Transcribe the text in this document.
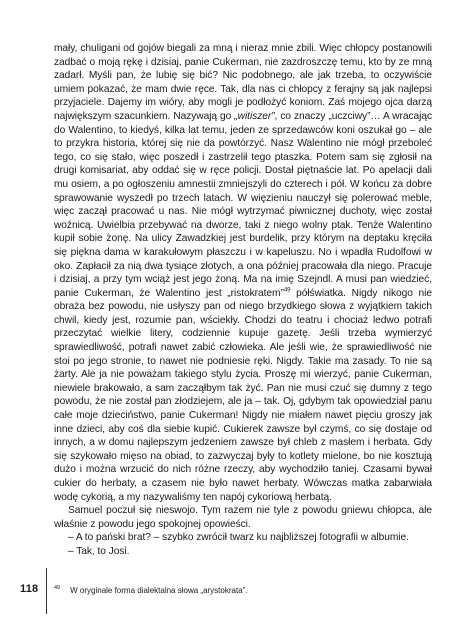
mały, chuligani od gojów biegali za mną i nieraz mnie zbili. Więc chłopcy postanowili zadbać o moją rękę i dzisiaj, panie Cukerman, nie zazdroszczę temu, kto by ze mną zadarł. Myśli pan, że lubię się bić? Nic podobnego, ale jak trzeba, to oczywiście umiem pokazać, że mam dwie ręce. Tak, dla nas ci chłopcy z ferajny są jak najlepsi przyjaciele. Dajemy im wióry, aby mogli je podłożyć koniom. Zaś mojego ojca darzą największym szacunkiem. Nazywają go „witiszer”, co znaczy „uczciwy”… A wracając do Walentino, to kiedyś, kilka lat temu, jeden ze sprzedawców koni oszukał go – ale to przykra historia, której się nie da powtórzyć. Nasz Walentino nie mógł przeboleć tego, co się stało, więc poszedł i zastrzelił tego ptaszka. Potem sam się zgłosił na drugi komisariat, aby oddać się w ręce policji. Dostał piętnaście lat. Po apelacji dali mu osiem, a po ogłoszeniu amnestii zmniejszyli do czterech i pół. W końcu za dobre sprawowanie wyszedł po trzech latach. W więzieniu nauczył się polerować meble, więc zaczął pracować u nas. Nie mógł wytrzymać piwnicznej duchoty, więc został woźnicą. Uwielbia przebywać na dworze, taki z niego wolny ptak. Tenże Walentino kupił sobie żonę. Na ulicy Zawadzkiej jest burdelik, przy którym na deptaku kręciła się piękna dama w karakułowym płaszczu i w kapeluszu. No i wpadła Rudolfowi w oko. Zapłacił za nią dwa tysiące złotych, a ona później pracowała dla niego. Pracuje i dzisiaj, a przy tym wciąż jest jego żoną. Ma na imię Szejndl. A musi pan wiedzieć, panie Cukerman, że Walentino jest „ristokratem”$^{49}$ półświatka. Nigdy nikogo nie obraża bez powodu, nie usłyszy pan od niego brzydkiego słowa z wyjątkiem takich chwil, kiedy jest, rozumie pan, wściekły. Chodzi do teatru i chociaż ledwo potrafi przeczytać wielkie litery, codziennie kupuje gazetę. Jeśli trzeba wymierzyć sprawiedliwość, potrafi nawet zabić człowieka. Ale jeśli wie, że sprawiedliwość nie stoi po jego stronie, to nawet nie podniesie ręki. Nigdy. Takie ma zasady. To nie są żarty. Ale ja nie poważam takiego stylu życia. Proszę mi wierzyć, panie Cukerman, niewiele brakowało, a sam zacząłbym tak żyć. Pan nie musi czuć się dumny z tego powodu, że nie został pan złodziejem, ale ja – tak. Oj, gdybym tak opowiedział panu całe moje dzieciństwo, panie Cukerman! Nigdy nie miałem nawet pięciu groszy jak inne dzieci, aby coś dla siebie kupić. Cukierek zawsze był czymś, co się dostaje od innych, a w domu najlepszym jedzeniem zawsze był chleb z masłem i herbata. Gdy się szykowało mięso na obiad, to zazwyczaj były to kotlety mielone, bo nie kosztują dużo i można wrzucić do nich różne rzeczy, aby wychodziło taniej. Czasami bywał cukier do herbaty, a czasem nie było nawet herbaty. Wówczas matka zabarwiała wodę cykorią, a my nazywaliśmy ten napój cykoriową herbatą.

Samuel poczuł się nieswojo. Tym razem nie tyle z powodu gniewu chłopca, ale właśnie z powodu jego spokojnej opowieści.

– A to pański brat? – szybko zwrócił twarz ku najbliższej fotografii w albumie.

– Tak, to Josi.

118	$^{49}$ W oryginale forma dialektalna słowa „arystokrata”.
